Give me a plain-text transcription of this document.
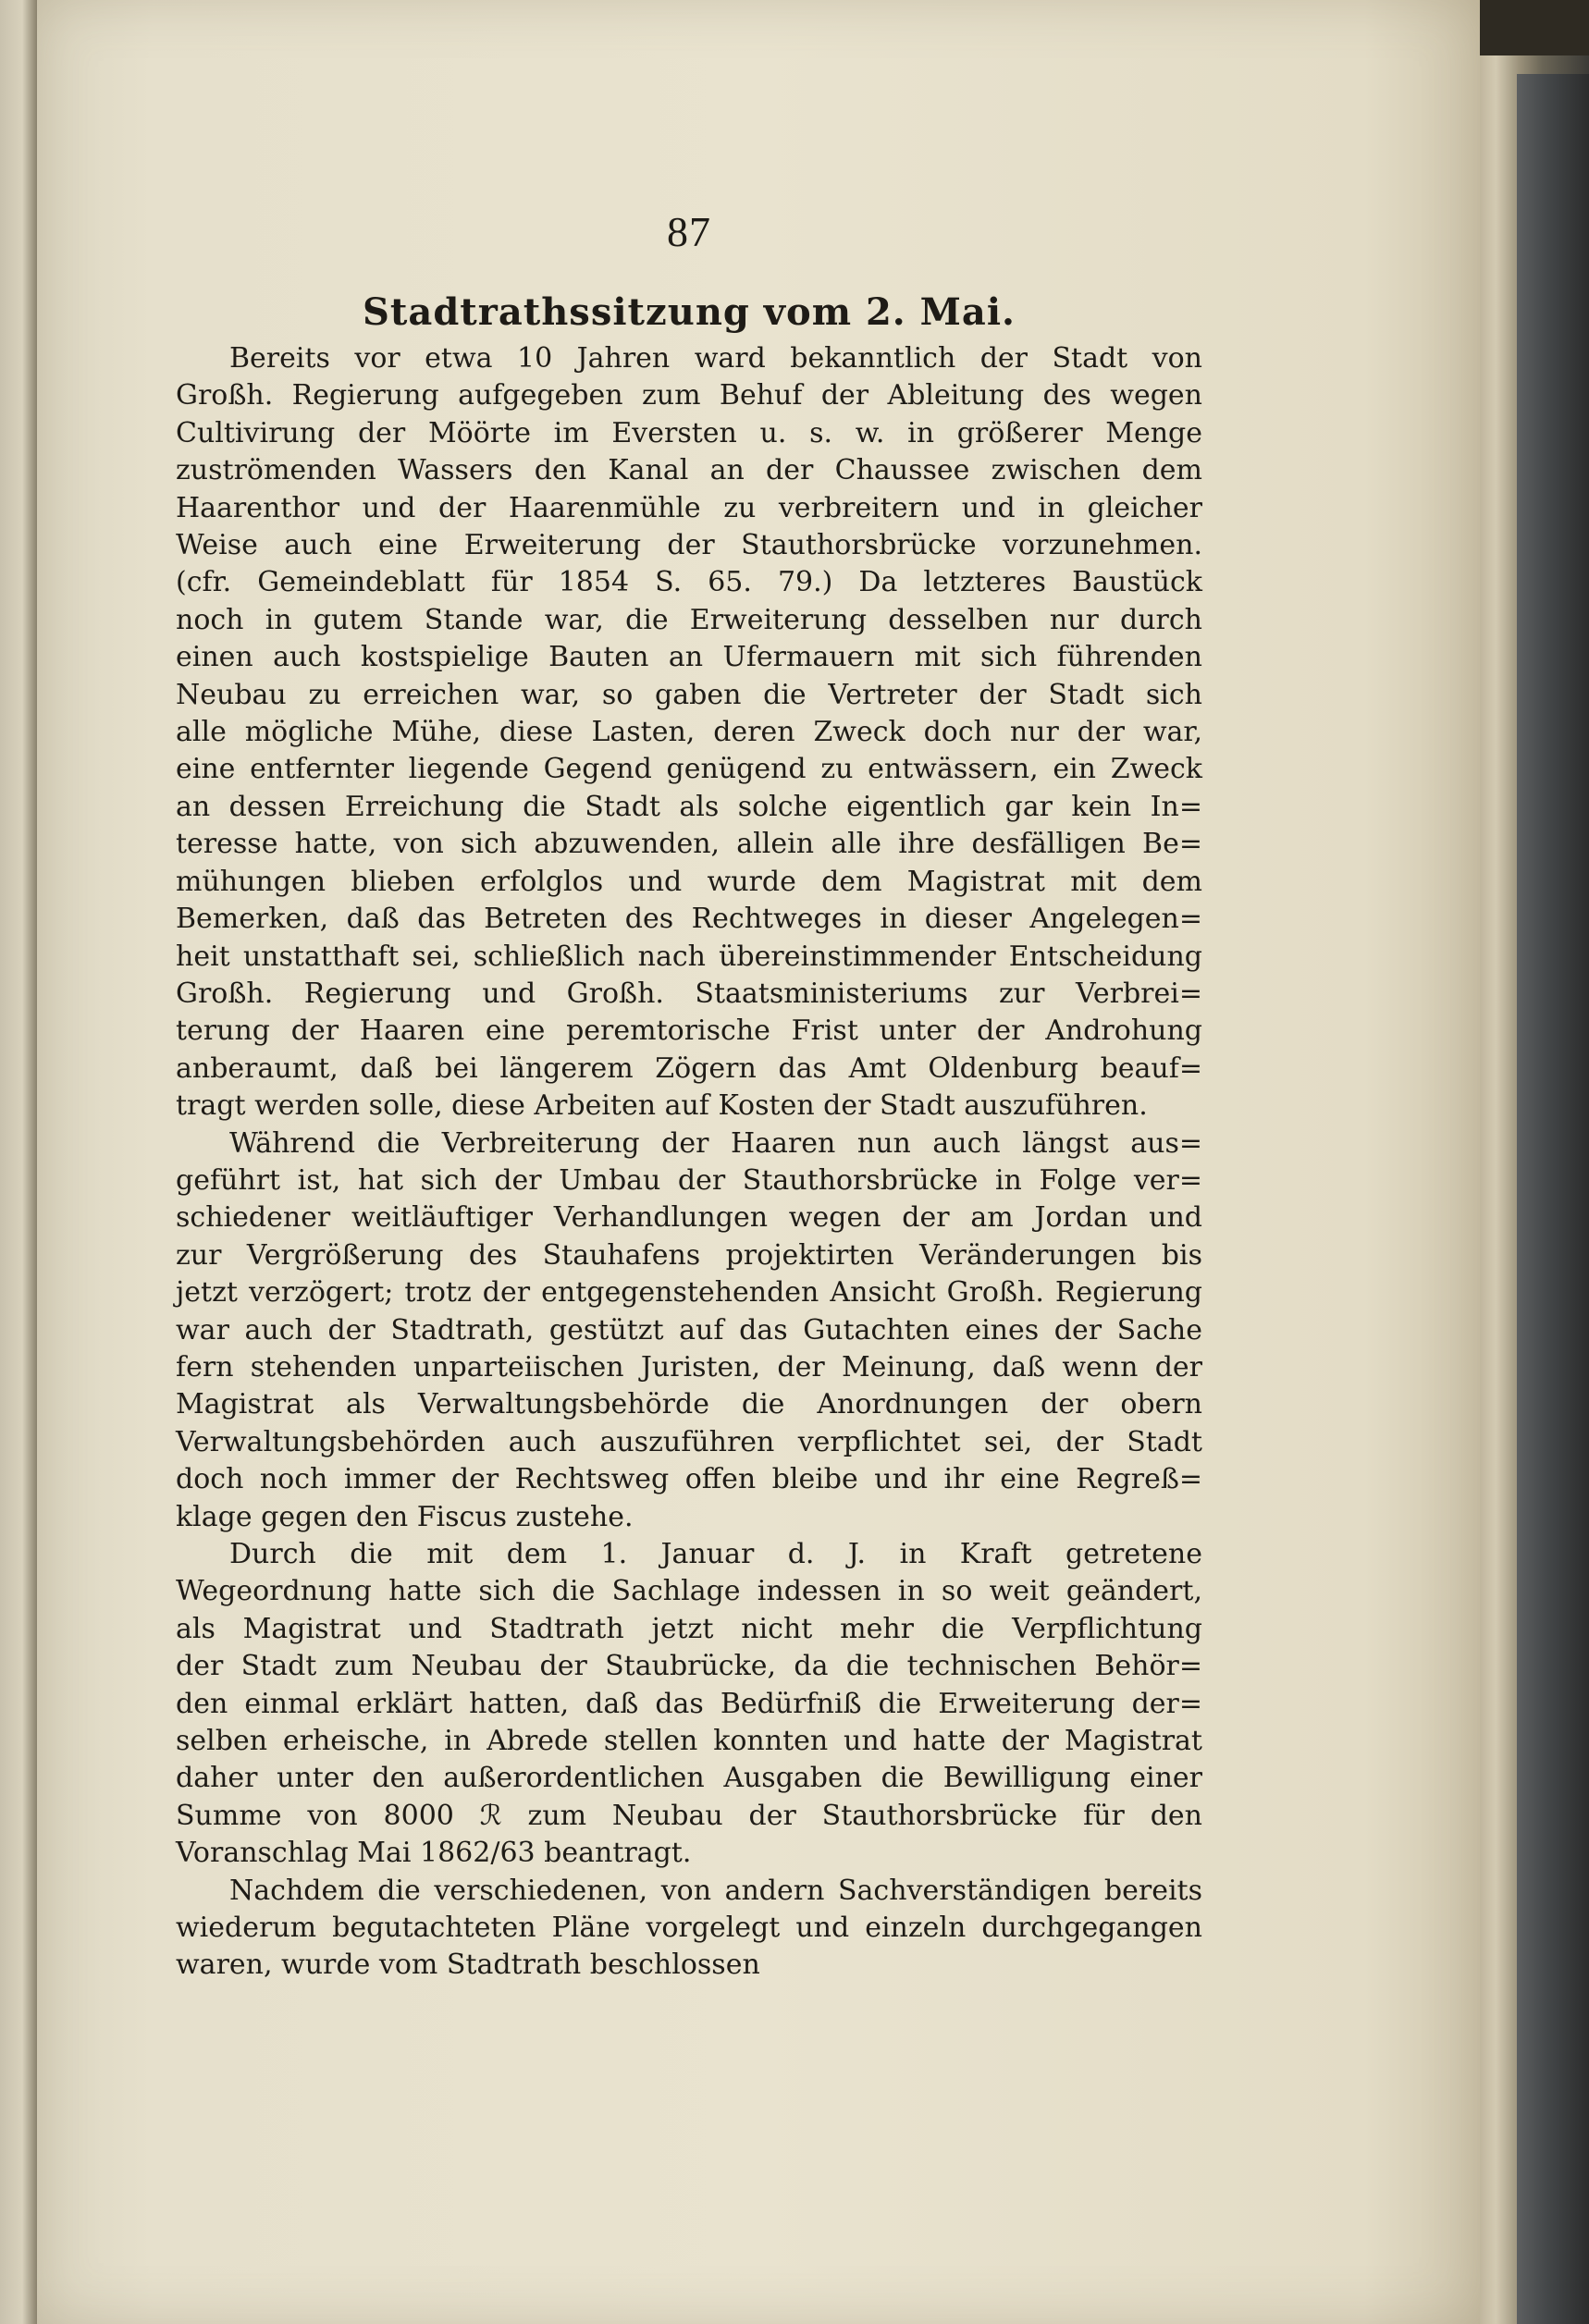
87
Stadtrathssitzung vom 2. Mai.

Bereits vor etwa 10 Jahren ward bekanntlich der Stadt von
Großh. Regierung aufgegeben zum Behuf der Ableitung des wegen
Cultivirung der Möörte im Eversten u. s. w. in größerer Menge
zuströmenden Wassers den Kanal an der Chaussee zwischen dem
Haarenthor und der Haarenmühle zu verbreitern und in gleicher
Weise auch eine Erweiterung der Stauthorsbrücke vorzunehmen.
(cfr. Gemeindeblatt für 1854 S. 65. 79.) Da letzteres Baustück
noch in gutem Stande war, die Erweiterung desselben nur durch
einen auch kostspielige Bauten an Ufermauern mit sich führenden
Neubau zu erreichen war, so gaben die Vertreter der Stadt sich
alle mögliche Mühe, diese Lasten, deren Zweck doch nur der war,
eine entfernter liegende Gegend genügend zu entwässern, ein Zweck
an dessen Erreichung die Stadt als solche eigentlich gar kein In=
teresse hatte, von sich abzuwenden, allein alle ihre desfälligen Be=
mühungen blieben erfolglos und wurde dem Magistrat mit dem
Bemerken, daß das Betreten des Rechtweges in dieser Angelegen=
heit unstatthaft sei, schließlich nach übereinstimmender Entscheidung
Großh. Regierung und Großh. Staatsministeriums zur Verbrei=
terung der Haaren eine peremtorische Frist unter der Androhung
anberaumt, daß bei längerem Zögern das Amt Oldenburg beauf=
tragt werden solle, diese Arbeiten auf Kosten der Stadt auszuführen.

Während die Verbreiterung der Haaren nun auch längst aus=
geführt ist, hat sich der Umbau der Stauthorsbrücke in Folge ver=
schiedener weitläuftiger Verhandlungen wegen der am Jordan und
zur Vergrößerung des Stauhafens projektirten Veränderungen bis
jetzt verzögert; trotz der entgegenstehenden Ansicht Großh. Regierung
war auch der Stadtrath, gestützt auf das Gutachten eines der Sache
fern stehenden unparteiischen Juristen, der Meinung, daß wenn der
Magistrat als Verwaltungsbehörde die Anordnungen der obern
Verwaltungsbehörden auch auszuführen verpflichtet sei, der Stadt
doch noch immer der Rechtsweg offen bleibe und ihr eine Regreß=
klage gegen den Fiscus zustehe.

Durch die mit dem 1. Januar d. J. in Kraft getretene
Wegeordnung hatte sich die Sachlage indessen in so weit geändert,
als Magistrat und Stadtrath jetzt nicht mehr die Verpflichtung
der Stadt zum Neubau der Staubrücke, da die technischen Behör=
den einmal erklärt hatten, daß das Bedürfniß die Erweiterung der=
selben erheische, in Abrede stellen konnten und hatte der Magistrat
daher unter den außerordentlichen Ausgaben die Bewilligung einer
Summe von 8000 ℛ zum Neubau der Stauthorsbrücke für den
Voranschlag Mai 1862/63 beantragt.

Nachdem die verschiedenen, von andern Sachverständigen bereits
wiederum begutachteten Pläne vorgelegt und einzeln durchgegangen
waren, wurde vom Stadtrath beschlossen
